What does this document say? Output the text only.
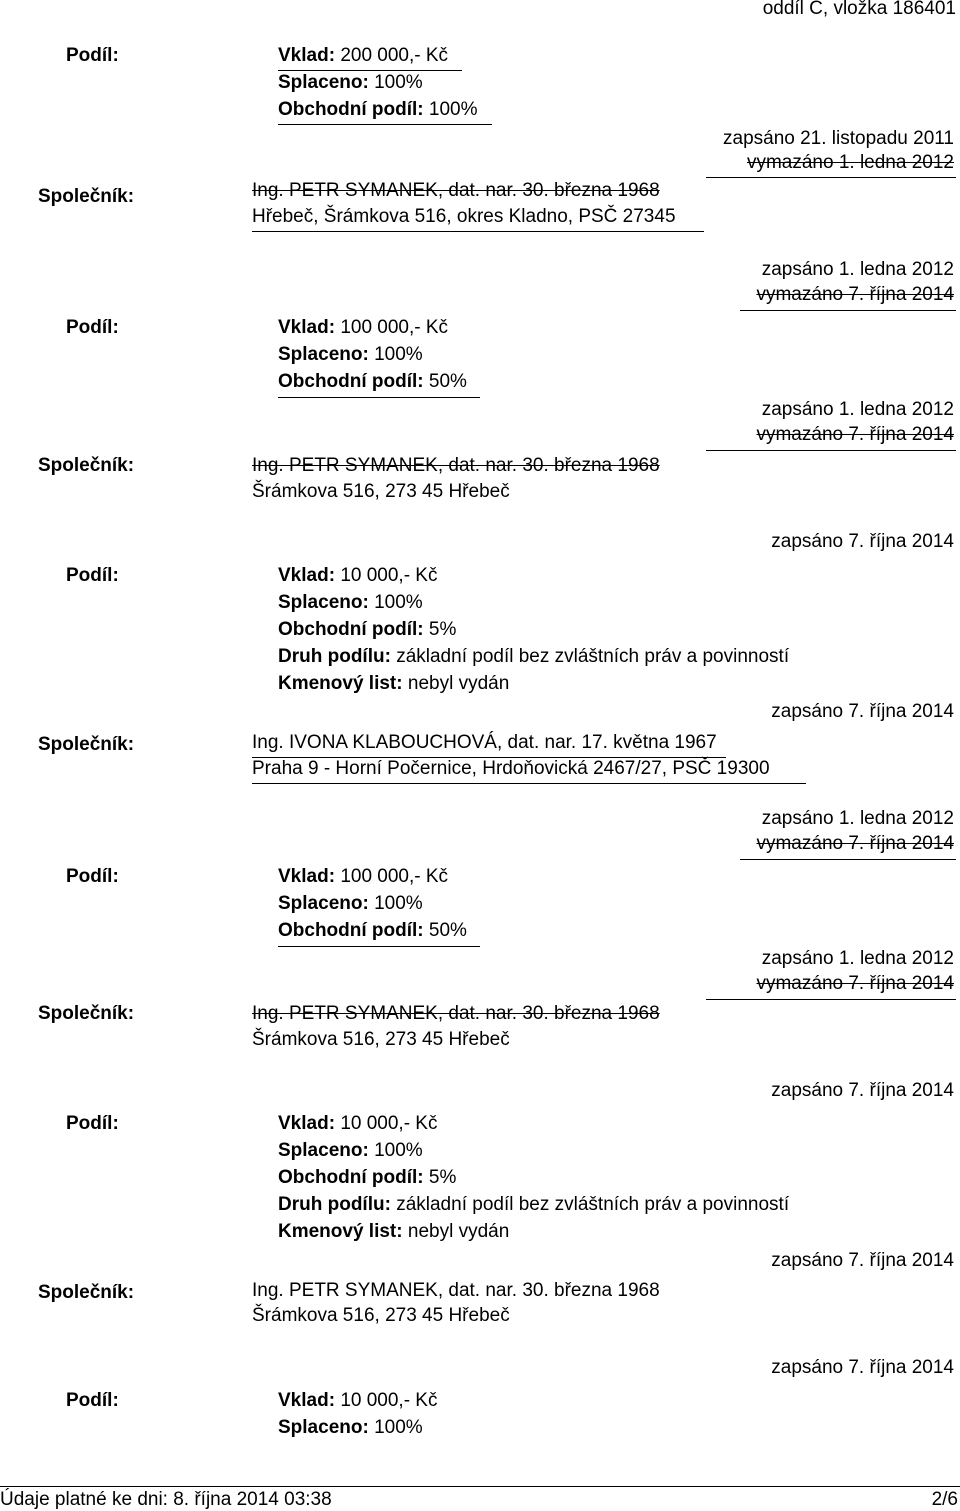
oddíl C, vložka 186401
Podíl:	Vklad: 200 000,- Kč
Splaceno: 100%
Obchodní podíl: 100%
zapsáno 21. listopadu 2011
vymazáno 1. ledna 2012
Společník:	Ing. PETR SYMANEK, dat. nar. 30. března 1968
Hřebeč, Šrámkova 516, okres Kladno, PSČ 27345
zapsáno 1. ledna 2012
vymazáno 7. října 2014
Podíl:	Vklad: 100 000,- Kč
Splaceno: 100%
Obchodní podíl: 50%
zapsáno 1. ledna 2012
vymazáno 7. října 2014
Společník:	Ing. PETR SYMANEK, dat. nar. 30. března 1968
Šrámkova 516, 273 45 Hřebeč
zapsáno 7. října 2014
Podíl:	Vklad: 10 000,- Kč
Splaceno: 100%
Obchodní podíl: 5%
Druh podílu: základní podíl bez zvláštních práv a povinností
Kmenový list: nebyl vydán
zapsáno 7. října 2014
Společník:	Ing. IVONA KLABOUCHOVÁ, dat. nar. 17. května 1967
Praha 9 - Horní Počernice, Hrdoňovická 2467/27, PSČ 19300
zapsáno 1. ledna 2012
vymazáno 7. října 2014
Podíl:	Vklad: 100 000,- Kč
Splaceno: 100%
Obchodní podíl: 50%
zapsáno 1. ledna 2012
vymazáno 7. října 2014
Společník:	Ing. PETR SYMANEK, dat. nar. 30. března 1968
Šrámkova 516, 273 45 Hřebeč
zapsáno 7. října 2014
Podíl:	Vklad: 10 000,- Kč
Splaceno: 100%
Obchodní podíl: 5%
Druh podílu: základní podíl bez zvláštních práv a povinností
Kmenový list: nebyl vydán
zapsáno 7. října 2014
Společník:	Ing. PETR SYMANEK, dat. nar. 30. března 1968
Šrámkova 516, 273 45 Hřebeč
zapsáno 7. října 2014
Podíl:	Vklad: 10 000,- Kč
Splaceno: 100%
Údaje platné ke dni: 8. října 2014 03:38	2/6
